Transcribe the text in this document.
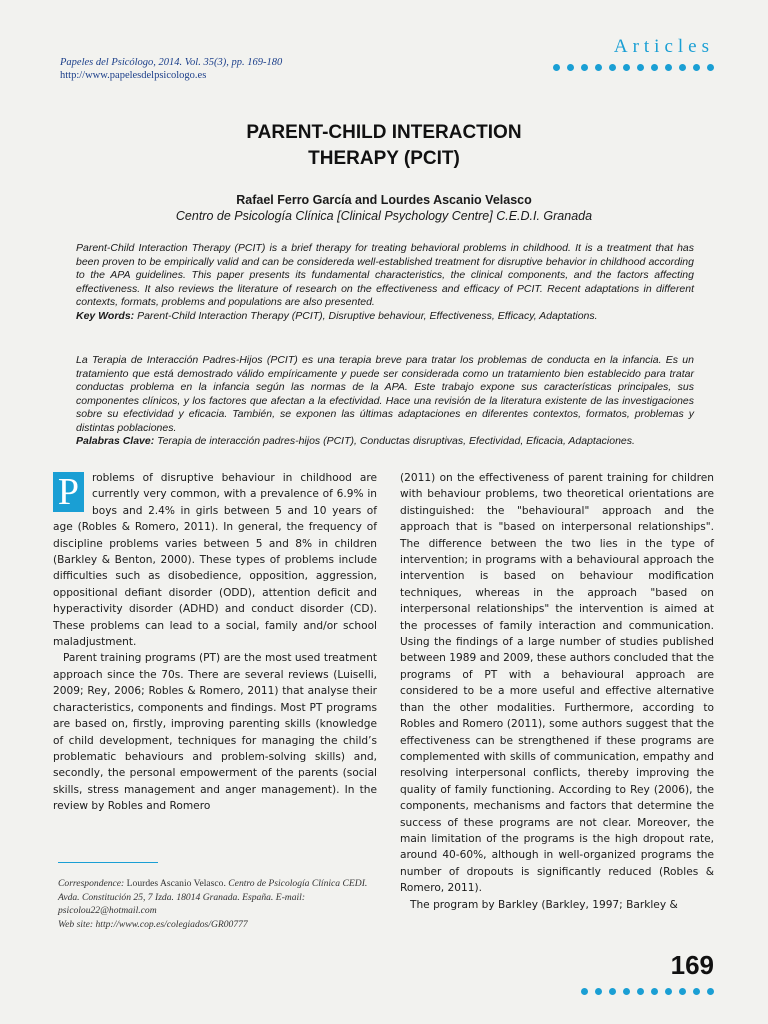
Papeles del Psicólogo, 2014. Vol. 35(3), pp. 169-180
http://www.papelesdelpsicologo.es
Articles
PARENT-CHILD INTERACTION
THERAPY (PCIT)
Rafael Ferro García and Lourdes Ascanio Velasco
Centro de Psicología Clínica [Clinical Psychology Centre] C.E.D.I. Granada
Parent-Child Interaction Therapy (PCIT) is a brief therapy for treating behavioral problems in childhood. It is a treatment that has been proven to be empirically valid and can be considereda well-established treatment for disruptive behavior in childhood according to the APA guidelines. This paper presents its fundamental characteristics, the clinical components, and the factors affecting effectiveness. It also reviews the literature of research on the effectiveness and efficacy of PCIT. Recent adaptations in different contexts, formats, problems and populations are also presented.
Key Words: Parent-Child Interaction Therapy (PCIT), Disruptive behaviour, Effectiveness, Efficacy, Adaptations.
La Terapia de Interacción Padres-Hijos (PCIT) es una terapia breve para tratar los problemas de conducta en la infancia. Es un tratamiento que está demostrado válido empíricamente y puede ser considerada como un tratamiento bien establecido para tratar conductas problema en la infancia según las normas de la APA. Este trabajo expone sus características principales, sus componentes clínicos, y los factores que afectan a la efectividad. Hace una revisión de la literatura existente de las investigaciones sobre su efectividad y eficacia. También, se exponen las últimas adaptaciones en diferentes contextos, formatos, problemas y distintas poblaciones.
Palabras Clave: Terapia de interacción padres-hijos (PCIT), Conductas disruptivas, Efectividad, Eficacia, Adaptaciones.

P	roblems of disruptive behaviour in childhood are currently very common, with a prevalence of 6.9% in boys and 2.4% in girls between 5 and 10 years of age (Robles & Romero, 2011). In general, the frequency of discipline problems varies between 5 and 8% in children (Barkley & Benton, 2000). These types of problems include difficulties such as disobedience, opposition, aggression, oppositional defiant disorder (ODD), attention deficit and hyperactivity disorder (ADHD) and conduct disorder (CD). These problems can lead to a social, family and/or school maladjustment.

Parent training programs (PT) are the most used treatment approach since the 70s. There are several reviews (Luiselli, 2009; Rey, 2006; Robles & Romero, 2011) that analyse their characteristics, components and findings. Most PT programs are based on, firstly, improving parenting skills (knowledge of child development, techniques for managing the child’s problematic behaviours and problem-solving skills) and, secondly, the personal empowerment of the parents (social skills, stress management and anger management). In the review by Robles and Romero

(2011) on the effectiveness of parent training for children with behaviour problems, two theoretical orientations are distinguished: the "behavioural" approach and the approach that is "based on interpersonal relationships". The difference between the two lies in the type of intervention; in programs with a behavioural approach the intervention is based on behaviour modification techniques, whereas in the approach "based on interpersonal relationships" the intervention is aimed at the processes of family interaction and communication. Using the findings of a large number of studies published between 1989 and 2009, these authors concluded that the programs of PT with a behavioural approach are considered to be a more useful and effective alternative than the other modalities. Furthermore, according to Robles and Romero (2011), some authors suggest that the effectiveness can be strengthened if these programs are complemented with skills of communication, empathy and resolving interpersonal conflicts, thereby improving the quality of family functioning. According to Rey (2006), the components, mechanisms and factors that determine the success of these programs are not clear. Moreover, the main limitation of the programs is the high dropout rate, around 40-60%, although in well-organized programs the number of dropouts is significantly reduced (Robles & Romero, 2011).

The program by Barkley (Barkley, 1997; Barkley &

Correspondence: Lourdes Ascanio Velasco. Centro de Psicología Clínica CEDI. Avda. Constitución 25, 7 Izda. 18014 Granada. España. E-mail: psicolou22@hotmail.com
Web site: http://www.cop.es/colegiados/GR00777
169
